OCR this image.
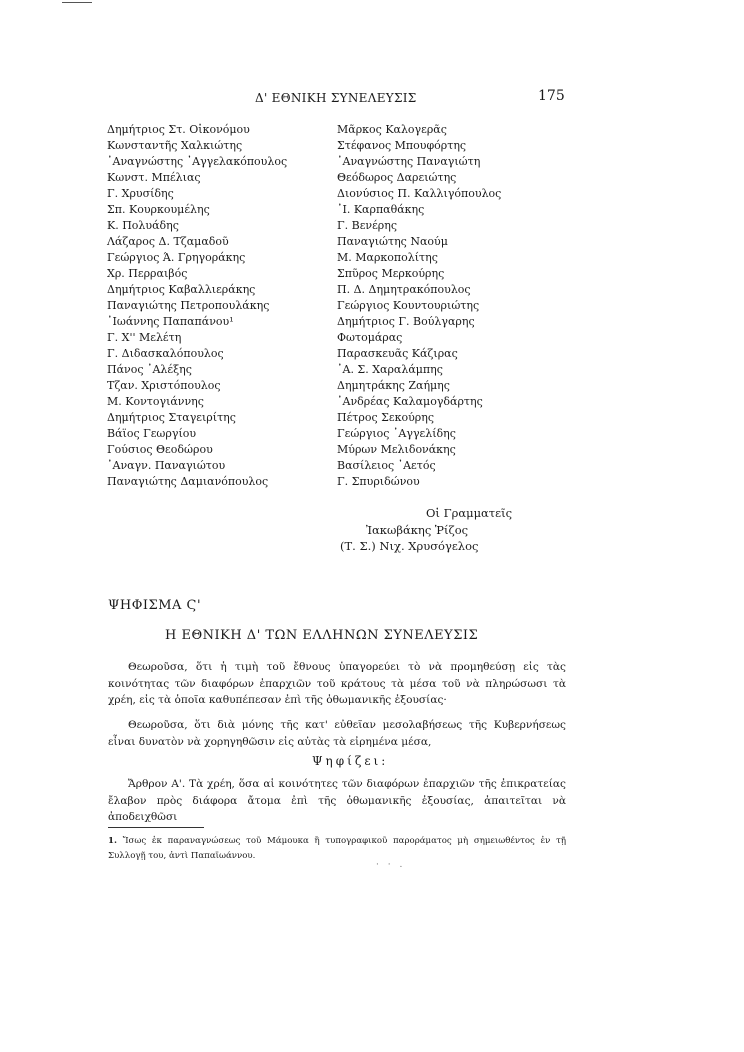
Δ' ΕΘΝΙΚΗ ΣΥΝΕΛΕΥΣΙΣ	175
Δημήτριος Στ. Οἰκονόμου
Κωνσταντῆς Χαλκιώτης
᾿Αναγνώστης ᾿Αγγελακόπουλος
Κωνστ. Μπέλιας
Γ. Χρυσίδης
Σπ. Κουρκουμέλης
Κ. Πολυάδης
Λάζαρος Δ. Τζαμαδοῦ
Γεώργιος Ά. Γρηγοράκης
Χρ. Περραιβός
Δημήτριος Καβαλλιεράκης
Παναγιώτης Πετροπουλάκης
᾿Ιωάννης Παπαπάνου¹
Γ. Χ'' Μελέτη
Γ. Διδασκαλόπουλος
Πάνος ᾿Αλέξης
Τζαν. Χριστόπουλος
Μ. Κοντογιάννης
Δημήτριος Σταγειρίτης
Βάϊος Γεωργίου
Γούσιος Θεοδώρου
᾿Αναγν. Παναγιώτου
Παναγιώτης Δαμιανόπουλος
Μᾶρκος Καλογερᾶς
Στέφανος Μπουφόρτης
᾿Αναγνώστης Παναγιώτη
Θεόδωρος Δαρειώτης
Διονύσιος Π. Καλλιγόπουλος
᾿Ι. Καρπαθάκης
Γ. Βενέρης
Παναγιώτης Ναούμ
Μ. Μαρκοπολίτης
Σπῦρος Μερκούρης
Π. Δ. Δημητρακόπουλος
Γεώργιος Κουντουριώτης
Δημήτριος Γ. Βούλγαρης
Φωτομάρας
Παρασκευᾶς Κάζιρας
᾿Α. Σ. Χαραλάμπης
Δημητράκης Ζαήμης
᾿Ανδρέας Καλαμογδάρτης
Πέτρος Σεκούρης
Γεώργιος ᾿Αγγελίδης
Μύρων Μελιδονάκης
Βασίλειος ᾿Αετός
Γ. Σπυριδώνου
Οἱ Γραμματεῖς
Ἰακωβάκης Ῥίζος
(Τ. Σ.) Νιχ. Χρυσόγελος
ΨΗΦΙΣΜΑ Ϛ'
Η ΕΘΝΙΚΗ Δ' ΤΩΝ ΕΛΛΗΝΩΝ ΣΥΝΕΛΕΥΣΙΣ
Θεωροῦσα, ὅτι ἡ τιμὴ τοῦ ἔθνους ὑπαγορεύει τὸ νὰ προμηθεύσῃ εἰς τὰς κοινότητας τῶν διαφόρων ἐπαρχιῶν τοῦ κράτους τὰ μέσα τοῦ νὰ πληρώσωσι τὰ χρέη, εἰς τὰ ὁποῖα καθυπέπεσαν ἐπὶ τῆς ὀθωμανικῆς ἐξουσίας·
Θεωροῦσα, ὅτι διὰ μόνης τῆς κατ' εὐθεῖαν μεσολαβήσεως τῆς Κυβερνήσεως εἶναι δυνατὸν νὰ χορηγηθῶσιν εἰς αὐτὰς τὰ εἰρημένα μέσα,
Ψηφίζει:
Ἄρθρον Α'. Τὰ χρέη, ὅσα αἱ κοινότητες τῶν διαφόρων ἐπαρχιῶν τῆς ἐπικρατείας ἔλαβον πρὸς διάφορα ἄτομα ἐπὶ τῆς ὀθωμανικῆς ἐξουσίας, ἀπαιτεῖται νὰ ἀποδειχθῶσι
1. Ἴσως ἐκ παραναγνώσεως τοῦ Μάμουκα ἢ τυπογραφικοῦ παροράματος μὴ σημειωθέντος ἐν τῇ Συλλογῇ του, ἀντὶ Παπαϊωάννου.
· · .
